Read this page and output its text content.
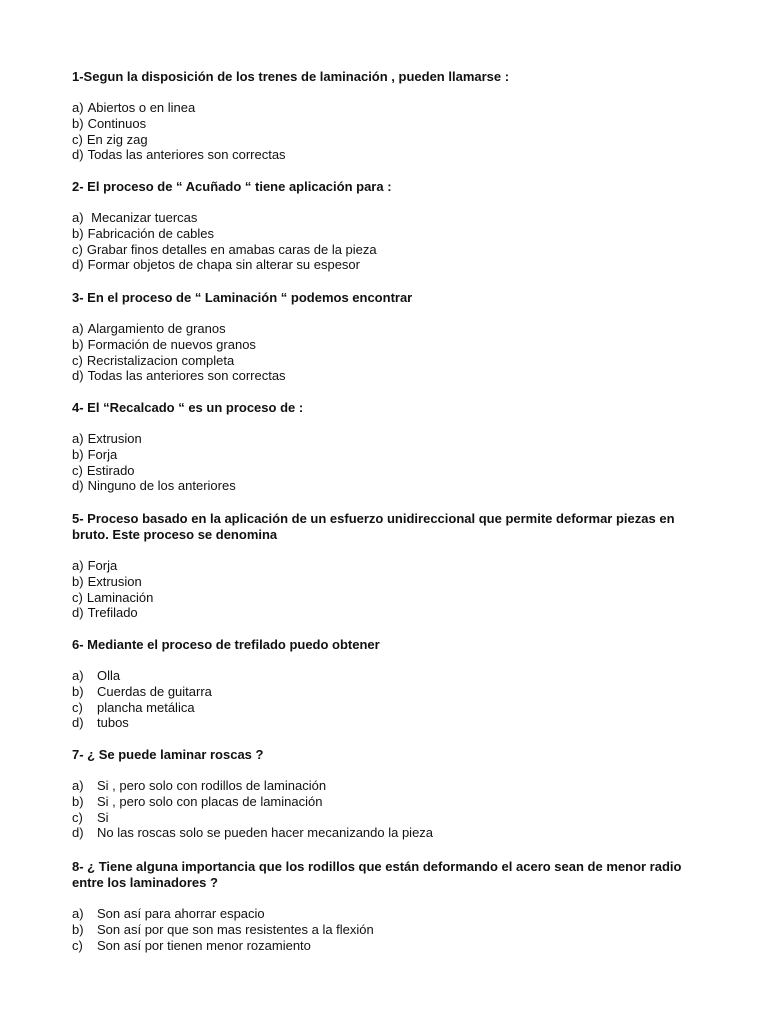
1-Segun la disposición de los trenes de laminación , pueden llamarse :

a) Abiertos o en linea
b) Continuos
c) En zig zag
d) Todas las anteriores son correctas

2- El proceso de “ Acuñado “ tiene aplicación para :

a) Mecanizar tuercas
b) Fabricación de cables
c) Grabar finos detalles en amabas caras de la pieza
d) Formar objetos de chapa sin alterar su espesor

3- En el proceso de “ Laminación “ podemos encontrar

a) Alargamiento de granos
b) Formación de nuevos granos
c) Recristalizacion completa
d) Todas las anteriores son correctas

4- El “Recalcado “ es un proceso de :

a) Extrusion
b) Forja
c) Estirado
d) Ninguno de los anteriores

5- Proceso basado en la aplicación de un esfuerzo unidireccional que permite deformar piezas en bruto. Este proceso se denomina

a) Forja
b) Extrusion
c) Laminación
d) Trefilado

6- Mediante el proceso de trefilado puedo obtener

a)	Olla
b)	Cuerdas de guitarra
c)	plancha metálica
d)	tubos

7- ¿ Se puede laminar roscas ?

a)	Si , pero solo con rodillos de laminación
b)	Si , pero solo con placas de laminación
c)	Si
d)	No las roscas solo se pueden hacer mecanizando la pieza

8- ¿ Tiene alguna importancia que los rodillos que están deformando el acero sean de menor radio entre los laminadores ?

a)	Son así para ahorrar espacio
b)	Son así por que son mas resistentes a la flexión
c)	Son así por tienen menor rozamiento
